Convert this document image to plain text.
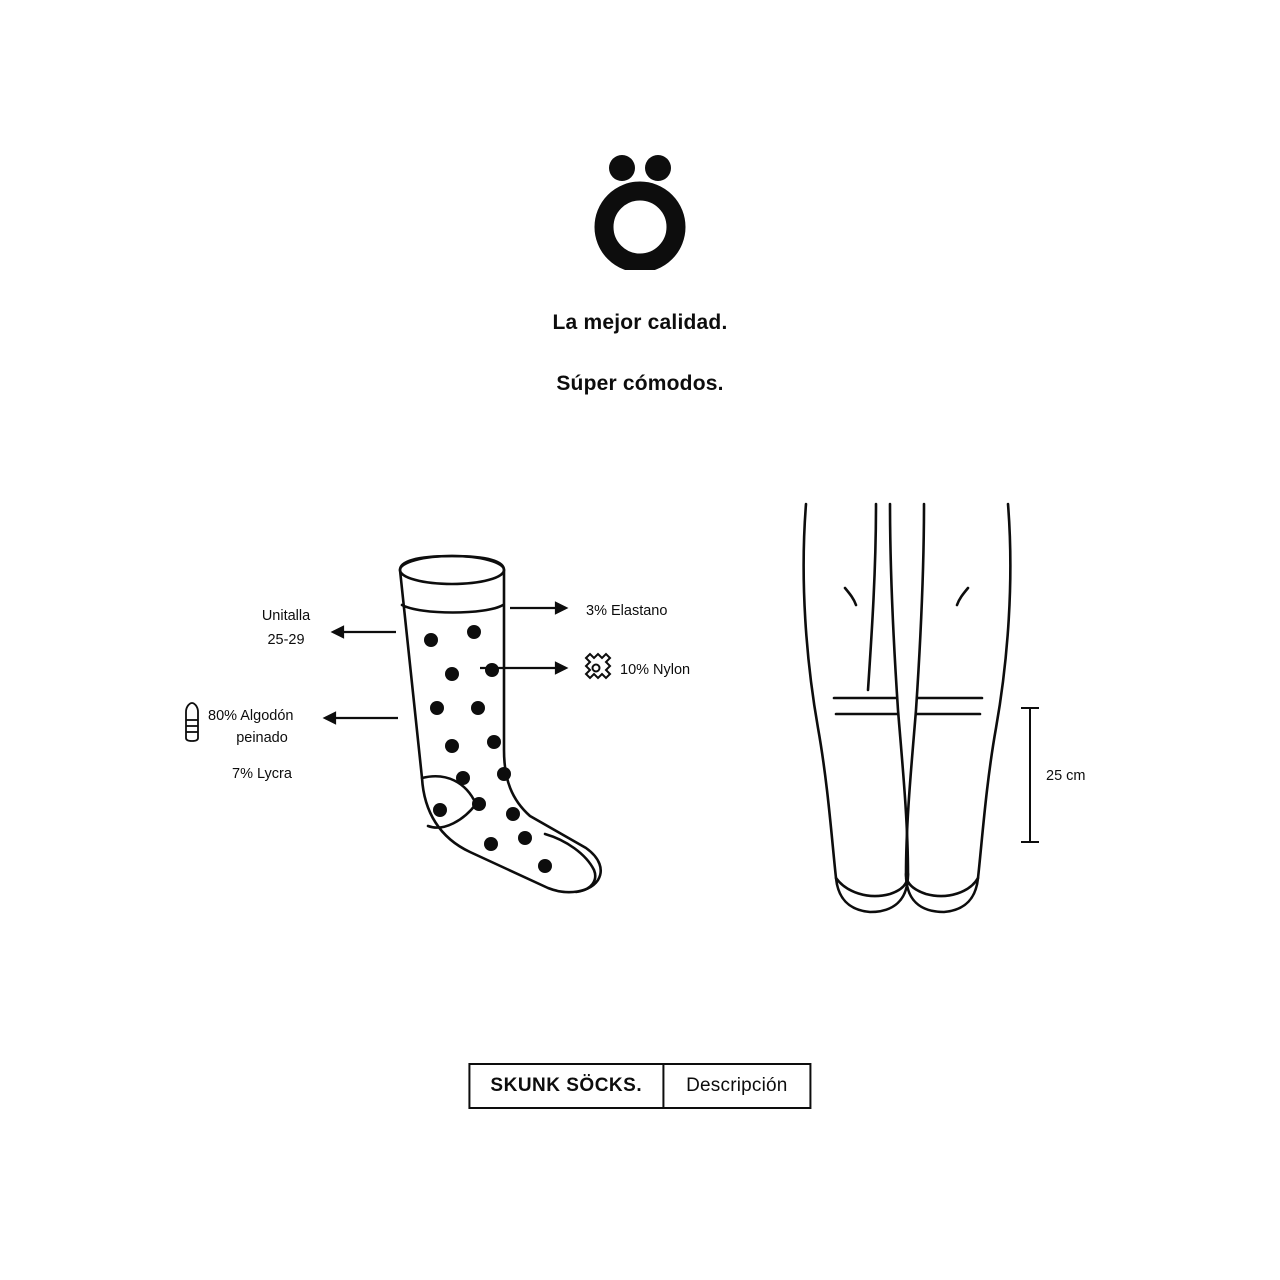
La mejor calidad.
Súper cómodos.
Unitalla
25-29
3% Elastano
10% Nylon
80% Algodón
peinado
7% Lycra	25 cm
SKUNK SÖCKS.	Descripción
